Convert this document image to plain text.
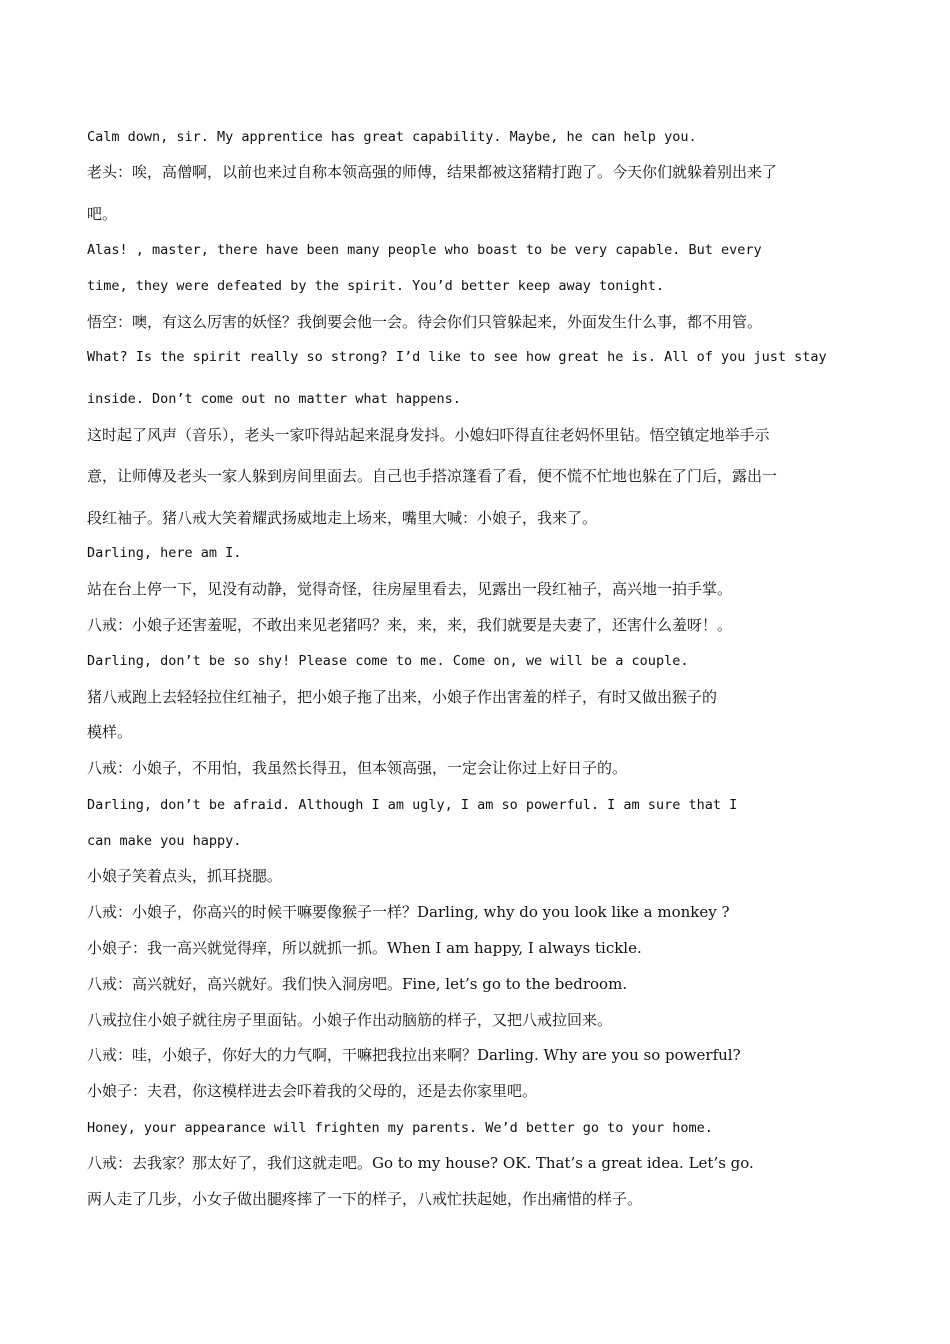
Calm down, sir. My apprentice has great capability. Maybe, he can help you.
老头：唉，高僧啊，以前也来过自称本领高强的师傅，结果都被这猪精打跑了。今天你们就躲着别出来了
吧。
Alas! , master, there have been many people who boast to be very capable. But every
time, they were defeated by the spirit. You’d better keep away tonight.
悟空：噢，有这么厉害的妖怪？我倒要会他一会。待会你们只管躲起来，外面发生什么事，都不用管。
What? Is the spirit really so strong? I’d like to see how great he is. All of you just stay
inside. Don’t come out no matter what happens.
这时起了风声（音乐），老头一家吓得站起来混身发抖。小媳妇吓得直往老妈怀里钻。悟空镇定地举手示
意，让师傅及老头一家人躲到房间里面去。自己也手搭凉篷看了看，便不慌不忙地也躲在了门后，露出一
段红袖子。猪八戒大笑着耀武扬威地走上场来，嘴里大喊：小娘子，我来了。
Darling, here am I.
站在台上停一下，见没有动静，觉得奇怪，往房屋里看去，见露出一段红袖子，高兴地一拍手掌。
八戒：小娘子还害羞呢，不敢出来见老猪吗？来，来，来，我们就要是夫妻了，还害什么羞呀！。
Darling, don’t be so shy! Please come to me. Come on, we will be a couple.
猪八戒跑上去轻轻拉住红袖子，把小娘子拖了出来，小娘子作出害羞的样子，有时又做出猴子的
模样。
八戒：小娘子，不用怕，我虽然长得丑，但本领高强，一定会让你过上好日子的。
Darling, don’t be afraid. Although I am ugly, I am so powerful. I am sure that I
can make you happy.
小娘子笑着点头，抓耳挠腮。
八戒：小娘子，你高兴的时候干嘛要像猴子一样？Darling, why do you look like a monkey ?
小娘子：我一高兴就觉得痒，所以就抓一抓。When I am happy, I always tickle.
八戒：高兴就好，高兴就好。我们快入洞房吧。Fine, let’s go to the bedroom.
八戒拉住小娘子就往房子里面钻。小娘子作出动脑筋的样子，又把八戒拉回来。
八戒：哇，小娘子，你好大的力气啊，干嘛把我拉出来啊？Darling. Why are you so powerful?
小娘子：夫君，你这模样进去会吓着我的父母的，还是去你家里吧。
Honey, your appearance will frighten my parents. We’d better go to your home.
八戒：去我家？那太好了，我们这就走吧。Go to my house? OK. That’s a great idea. Let’s go.
两人走了几步，小女子做出腿疼摔了一下的样子，八戒忙扶起她，作出痛惜的样子。
